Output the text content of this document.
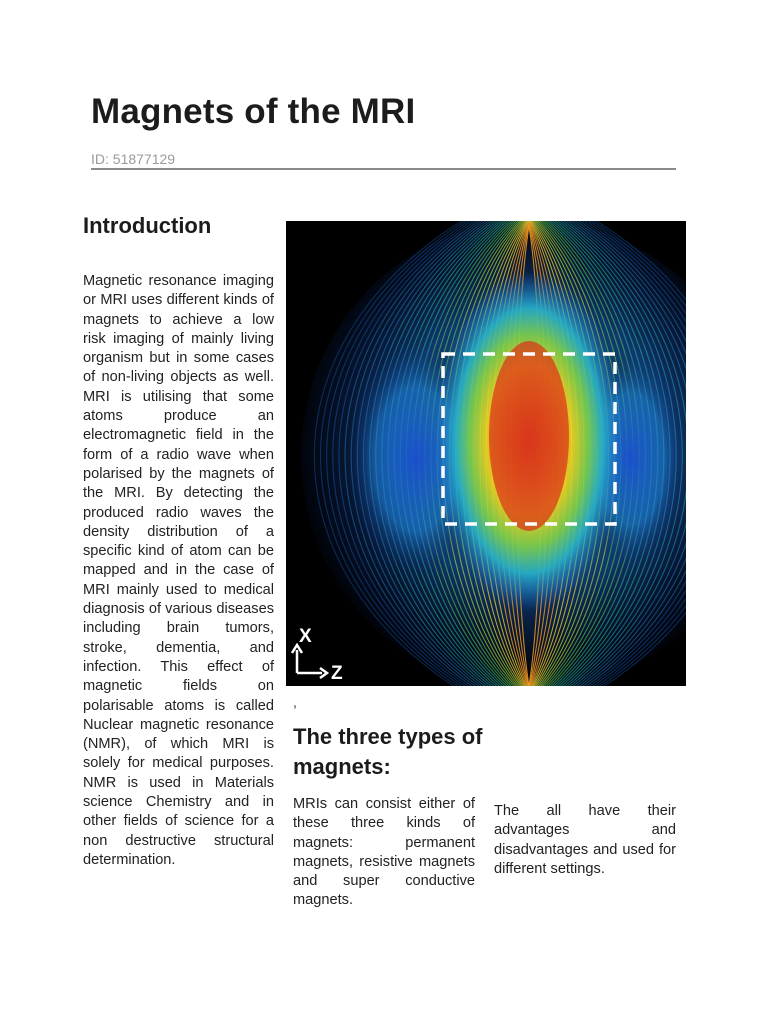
Magnets of the MRI
ID: 51877129
Introduction
Magnetic resonance imaging or MRI uses different kinds of magnets to achieve a low risk imaging of mainly living organism but in some cases of non-living objects as well. MRI is utilising that some atoms produce an electromagnetic field in the form of a radio wave when polarised by the magnets of the MRI. By detecting the produced radio waves the density distribution of a specific kind of atom can be mapped and in the case of MRI mainly used to medical diagnosis of various diseases including brain tumors, stroke, dementia, and infection. This effect of magnetic fields on polarisable atoms is called Nuclear magnetic resonance (NMR), of which MRI is solely for medical purposes. NMR is used in Materials science Chemistry and in other fields of science for a non destructive structural determination.
X
Z
,
The three types of magnets:
MRIs can consist either of these three kinds of magnets: permanent magnets, resistive magnets and super conductive magnets.
The all have their advantages and disadvantages and used for different settings.
